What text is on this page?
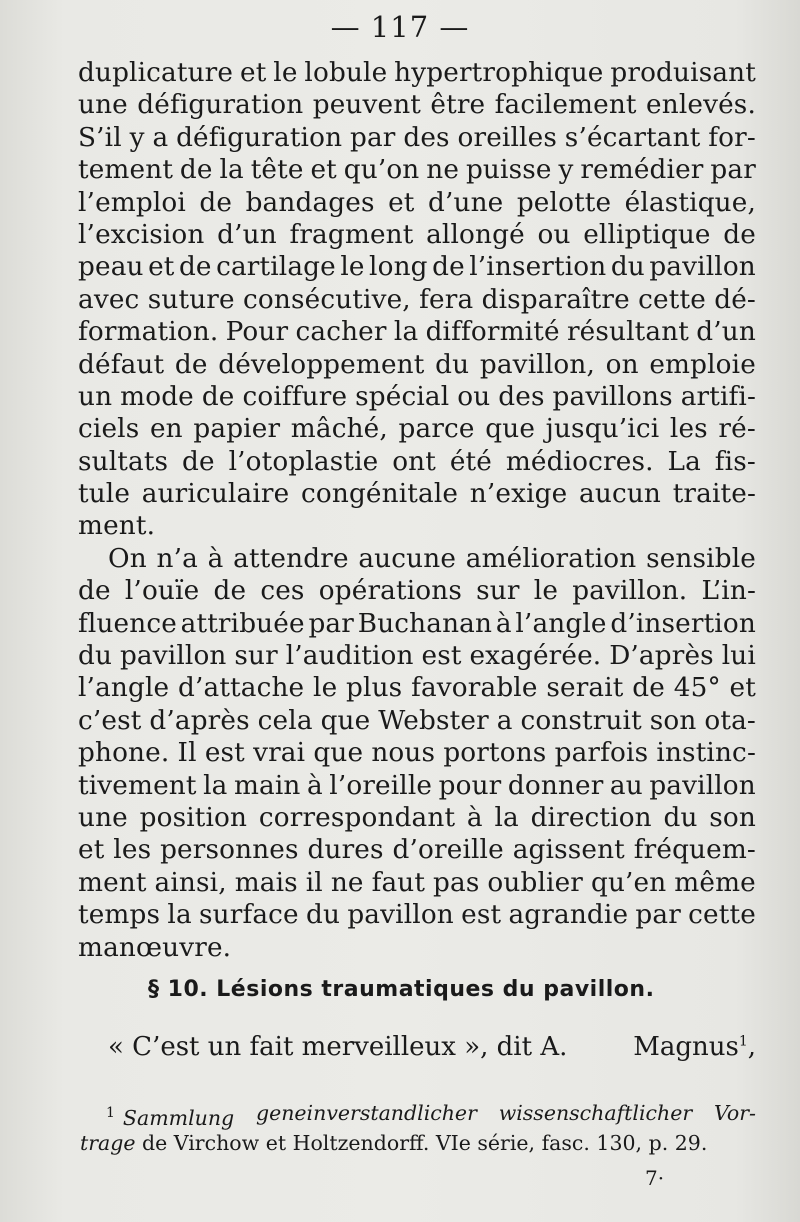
— 117 —
duplicature et le lobule hypertrophique produisant
une défiguration peuvent être facilement enlevés.
S’il y a défiguration par des oreilles s’écartant for-
tement de la tête et qu’on ne puisse y remédier par
l’emploi de bandages et d’une pelotte élastique,
l’excision d’un fragment allongé ou elliptique de
peau et de cartilage le long de l’insertion du pavillon
avec suture consécutive, fera disparaître cette dé-
formation. Pour cacher la difformité résultant d’un
défaut de développement du pavillon, on emploie
un mode de coiffure spécial ou des pavillons artifi-
ciels en papier mâché, parce que jusqu’ici les ré-
sultats de l’otoplastie ont été médiocres. La fis-
tule auriculaire congénitale n’exige aucun traite-
ment.
On n’a à attendre aucune amélioration sensible
de l’ouïe de ces opérations sur le pavillon. L’in-
fluence attribuée par Buchanan à l’angle d’insertion
du pavillon sur l’audition est exagérée. D’après lui
l’angle d’attache le plus favorable serait de 45° et
c’est d’après cela que Webster a construit son ota-
phone. Il est vrai que nous portons parfois instinc-
tivement la main à l’oreille pour donner au pavillon
une position correspondant à la direction du son
et les personnes dures d’oreille agissent fréquem-
ment ainsi, mais il ne faut pas oublier qu’en même
temps la surface du pavillon est agrandie par cette
manœuvre.
§ 10. Lésions traumatiques du pavillon.
« C’est un fait merveilleux », dit A.	Magnus$^1$,
$^1$ Sammlung geneinverstandlicher wissenschaftlicher Vor-
trage de Virchow et Holtzendorff. VIe série, fasc. 130, p. 29.
7·
